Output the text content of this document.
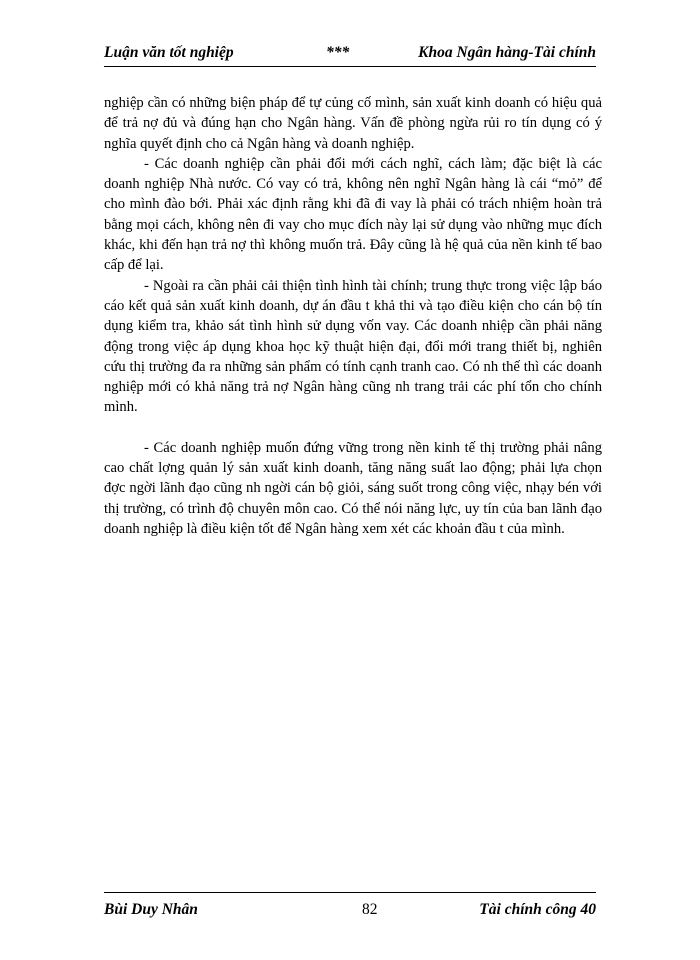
Luận văn tốt nghiệp	***	Khoa Ngân hàng-Tài chính

nghiệp cần có những biện pháp để tự củng cố mình, sản xuất kinh doanh có hiệu quả để trả nợ đủ và đúng hạn cho Ngân hàng. Vấn đề phòng ngừa rủi ro tín dụng có ý nghĩa quyết định cho cả Ngân hàng và doanh nghiệp.

- Các doanh nghiệp cần phải đổi mới cách nghĩ, cách làm; đặc biệt là các doanh nghiệp Nhà nước. Có vay có trả, không nên nghĩ Ngân hàng là cái “mỏ” để cho mình đào bới. Phải xác định rằng khi đã đi vay là phải có trách nhiệm hoàn trả bằng mọi cách, không nên đi vay cho mục đích này lại sử dụng vào những mục đích khác, khi đến hạn trả nợ thì không muốn trả. Đây cũng là hệ quả của nền kinh tế bao cấp để lại.

- Ngoài ra cần phải cải thiện tình hình tài chính; trung thực trong việc lập báo cáo kết quả sản xuất kinh doanh, dự án đầu t khả thi và tạo điều kiện cho cán bộ tín dụng kiểm tra, khảo sát tình hình sử dụng vốn vay. Các doanh nhiệp cần phải năng động trong việc áp dụng khoa học kỹ thuật hiện đại, đổi mới trang thiết bị, nghiên cứu thị trường đa ra những sản phẩm có tính cạnh tranh cao. Có nh thế thì các doanh nghiệp mới có khả năng trả nợ Ngân hàng cũng nh trang trải các phí tổn cho chính mình.

- Các doanh nghiệp muốn đứng vững trong nền kinh tế thị trường phải nâng cao chất lợng quản lý sản xuất kinh doanh, tăng năng suất lao động; phải lựa chọn đợc ngời lãnh đạo cũng nh ngời cán bộ giỏi, sáng suốt trong công việc, nhạy bén với thị trường, có trình độ chuyên môn cao. Có thể nói năng lực, uy tín của ban lãnh đạo doanh nghiệp là điều kiện tốt để Ngân hàng xem xét các khoản đầu t của mình.

Bùi Duy Nhân	82	Tài chính công 40
